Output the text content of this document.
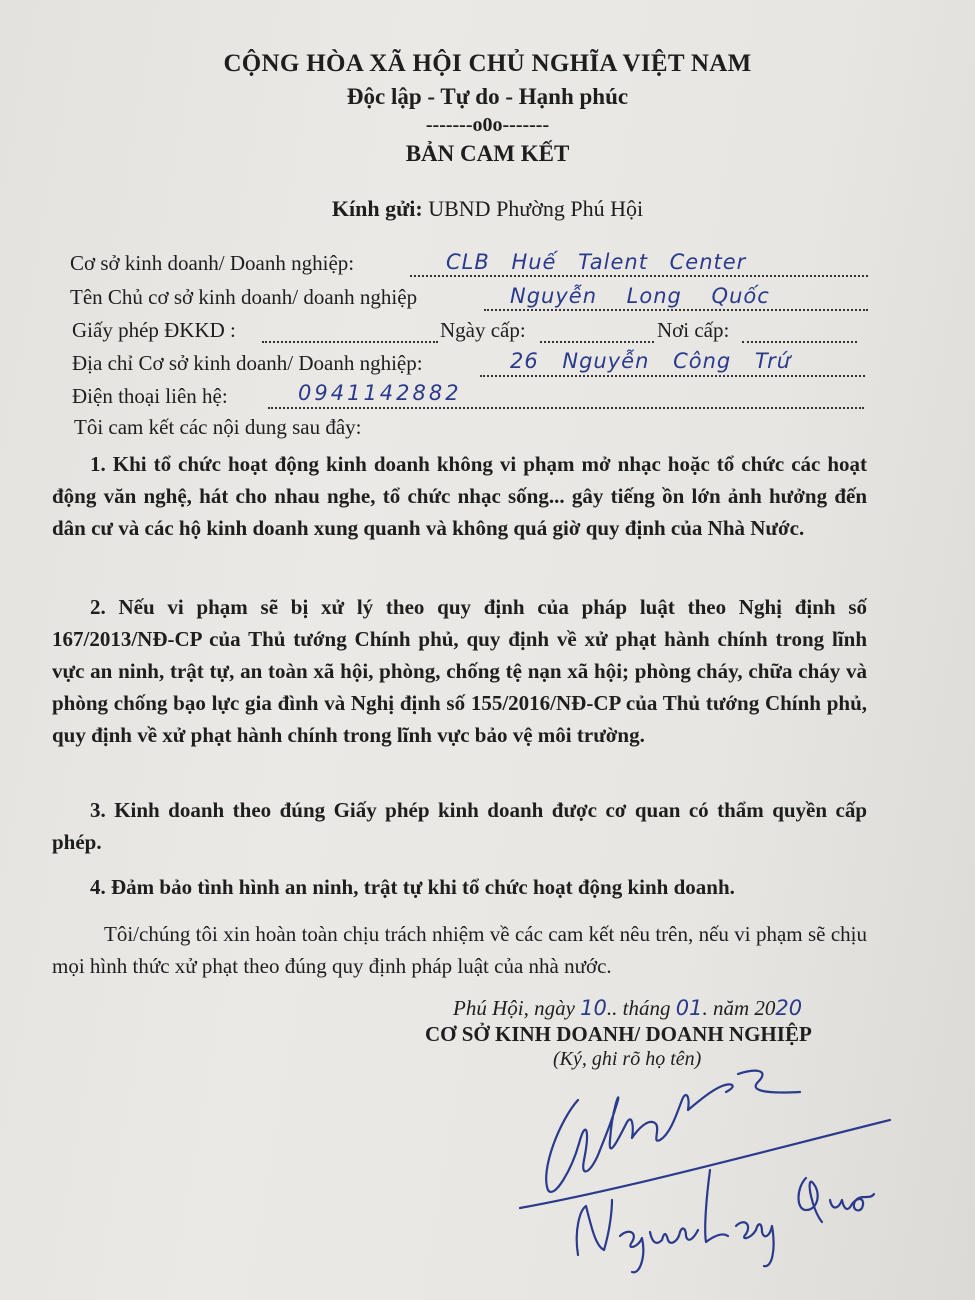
CỘNG HÒA XÃ HỘI CHỦ NGHĨA VIỆT NAM
Độc lập - Tự do - Hạnh phúc
-------o0o-------
BẢN CAM KẾT
Kính gửi: UBND Phường Phú Hội
Cơ sở kinh doanh/ Doanh nghiệp:	CLB Huế Talent Center
Tên Chủ cơ sở kinh doanh/ doanh nghiệp	Nguyễn Long Quốc
Giấy phép ĐKKD :	Ngày cấp:	Nơi cấp:
Địa chỉ Cơ sở kinh doanh/ Doanh nghiệp:	26 Nguyễn Công Trứ
Điện thoại liên hệ:	0941142882
Tôi cam kết các nội dung sau đây:

1. Khi tổ chức hoạt động kinh doanh không vi phạm mở nhạc hoặc tổ chức các hoạt động văn nghệ, hát cho nhau nghe, tổ chức nhạc sống... gây tiếng ồn lớn ảnh hưởng đến dân cư và các hộ kinh doanh xung quanh và không quá giờ quy định của Nhà Nước.

2. Nếu vi phạm sẽ bị xử lý theo quy định của pháp luật theo Nghị định số 167/2013/NĐ-CP của Thủ tướng Chính phủ, quy định về xử phạt hành chính trong lĩnh vực an ninh, trật tự, an toàn xã hội, phòng, chống tệ nạn xã hội; phòng cháy, chữa cháy và phòng chống bạo lực gia đình và Nghị định số 155/2016/NĐ-CP của Thủ tướng Chính phủ, quy định về xử phạt hành chính trong lĩnh vực bảo vệ môi trường.

3. Kinh doanh theo đúng Giấy phép kinh doanh được cơ quan có thẩm quyền cấp phép.

4. Đảm bảo tình hình an ninh, trật tự khi tổ chức hoạt động kinh doanh.

Tôi/chúng tôi xin hoàn toàn chịu trách nhiệm về các cam kết nêu trên, nếu vi phạm sẽ chịu mọi hình thức xử phạt theo đúng quy định pháp luật của nhà nước.

Phú Hội, ngày 10.. tháng 01. năm 2020
CƠ SỞ KINH DOANH/ DOANH NGHIỆP
(Ký, ghi rõ họ tên)
